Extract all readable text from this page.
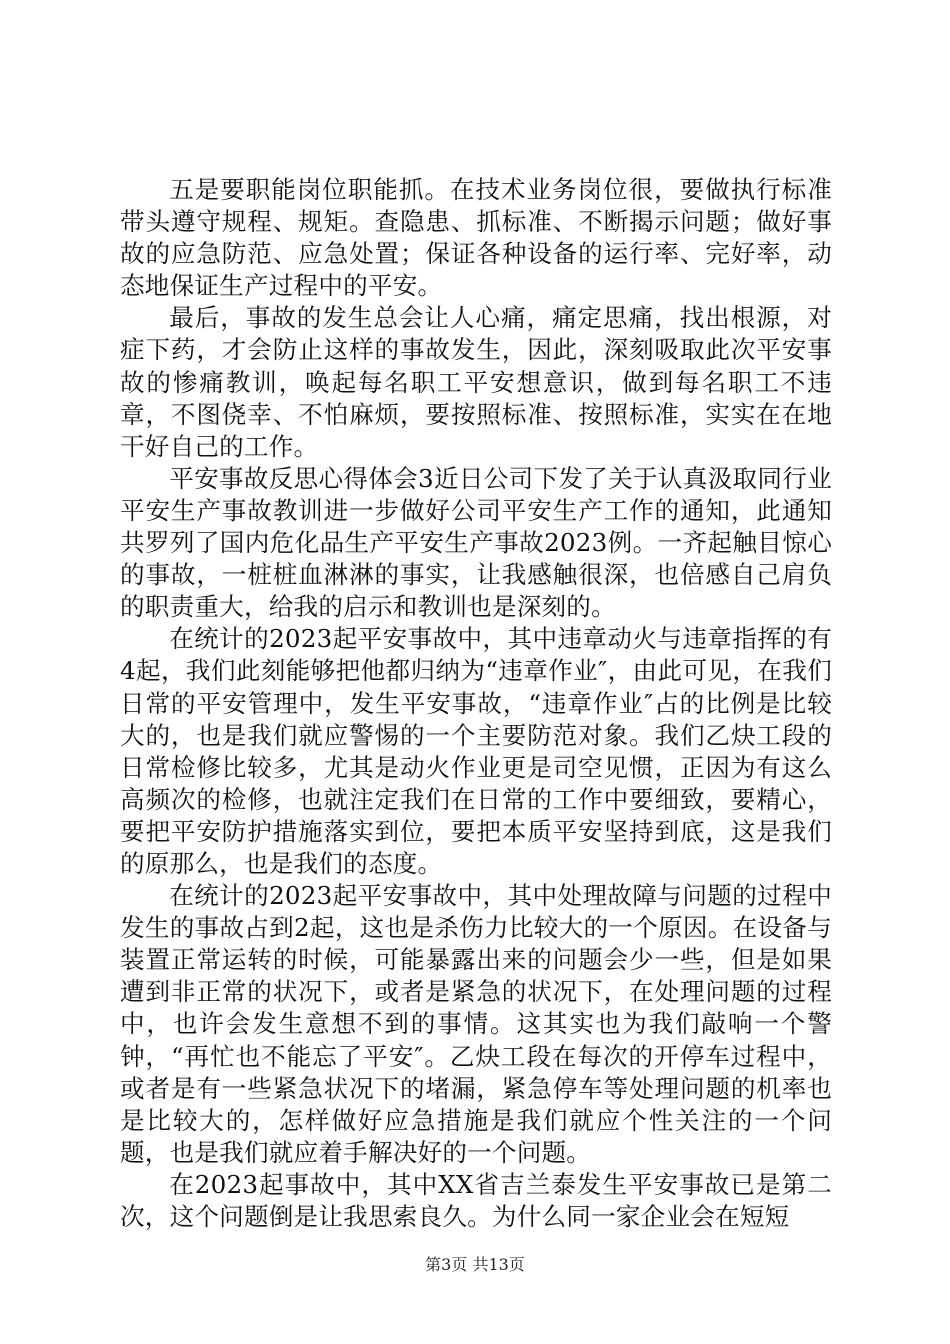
五是要职能岗位职能抓。在技术业务岗位很，要做执行标准带头遵守规程、规矩。查隐患、抓标准、不断揭示问题；做好事故的应急防范、应急处置；保证各种设备的运行率、完好率，动态地保证生产过程中的平安。

最后，事故的发生总会让人心痛，痛定思痛，找出根源，对症下药，才会防止这样的事故发生，因此，深刻吸取此次平安事故的惨痛教训，唤起每名职工平安想意识，做到每名职工不违章，不图侥幸、不怕麻烦，要按照标准、按照标准，实实在在地干好自己的工作。

平安事故反思心得体会3近日公司下发了关于认真汲取同行业平安生产事故教训进一步做好公司平安生产工作的通知，此通知共罗列了国内危化品生产平安生产事故2023例。一齐起触目惊心的事故，一桩桩血淋淋的事实，让我感触很深，也倍感自己肩负的职责重大，给我的启示和教训也是深刻的。

在统计的2023起平安事故中，其中违章动火与违章指挥的有4起，我们此刻能够把他都归纳为“违章作业″，由此可见，在我们日常的平安管理中，发生平安事故，“违章作业″占的比例是比较大的，也是我们就应警惕的一个主要防范对象。我们乙炔工段的日常检修比较多，尤其是动火作业更是司空见惯，正因为有这么高频次的检修，也就注定我们在日常的工作中要细致，要精心，要把平安防护措施落实到位，要把本质平安坚持到底，这是我们的原那么，也是我们的态度。

在统计的2023起平安事故中，其中处理故障与问题的过程中发生的事故占到2起，这也是杀伤力比较大的一个原因。在设备与装置正常运转的时候，可能暴露出来的问题会少一些，但是如果遭到非正常的状况下，或者是紧急的状况下，在处理问题的过程中，也许会发生意想不到的事情。这其实也为我们敲响一个警钟，“再忙也不能忘了平安″。乙炔工段在每次的开停车过程中，或者是有一些紧急状况下的堵漏，紧急停车等处理问题的机率也是比较大的，怎样做好应急措施是我们就应个性关注的一个问题，也是我们就应着手解决好的一个问题。

在2023起事故中，其中XX省吉兰泰发生平安事故已是第二次，这个问题倒是让我思索良久。为什么同一家企业会在短短

第3页 共13页
